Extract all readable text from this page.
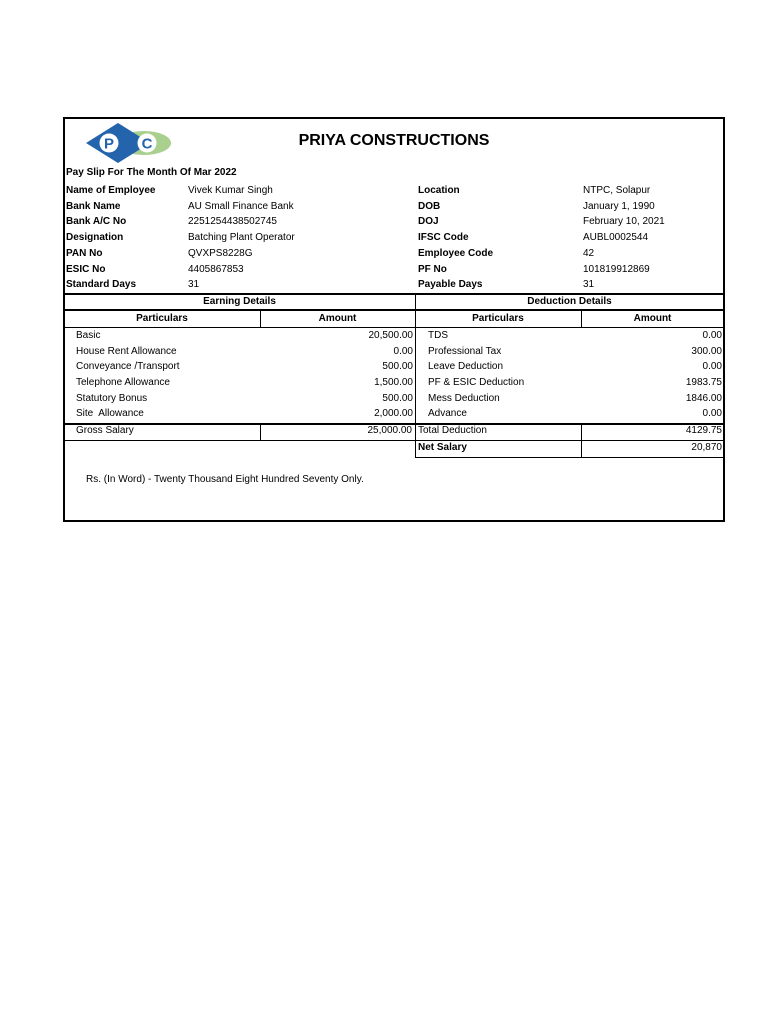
P C	PRIYA CONSTRUCTIONS
Pay Slip For The Month Of Mar 2022
Name of Employee	Vivek Kumar Singh	Location	NTPC, Solapur
Bank Name	AU Small Finance Bank	DOB	January 1, 1990
Bank A/C No	2251254438502745	DOJ	February 10, 2021
Designation	Batching Plant Operator	IFSC Code	AUBL0002544
PAN No	QVXPS8228G	Employee Code	42
ESIC No	4405867853	PF No	101819912869
Standard Days	31	Payable Days	31
Earning Details	Deduction Details
Particulars	Amount	Particulars	Amount
Basic	20,500.00 TDS	0.00
House Rent Allowance	0.00 Professional Tax	300.00
Conveyance /Transport	500.00 Leave Deduction	0.00
Telephone Allowance	1,500.00 PF & ESIC Deduction	1983.75
Statutory Bonus	500.00 Mess Deduction	1846.00
Site  Allowance	2,000.00 Advance	0.00
Gross Salary	25,000.00 Total Deduction	4129.75
Net Salary	20,870
Rs. (In Word) - Twenty Thousand Eight Hundred Seventy Only.
